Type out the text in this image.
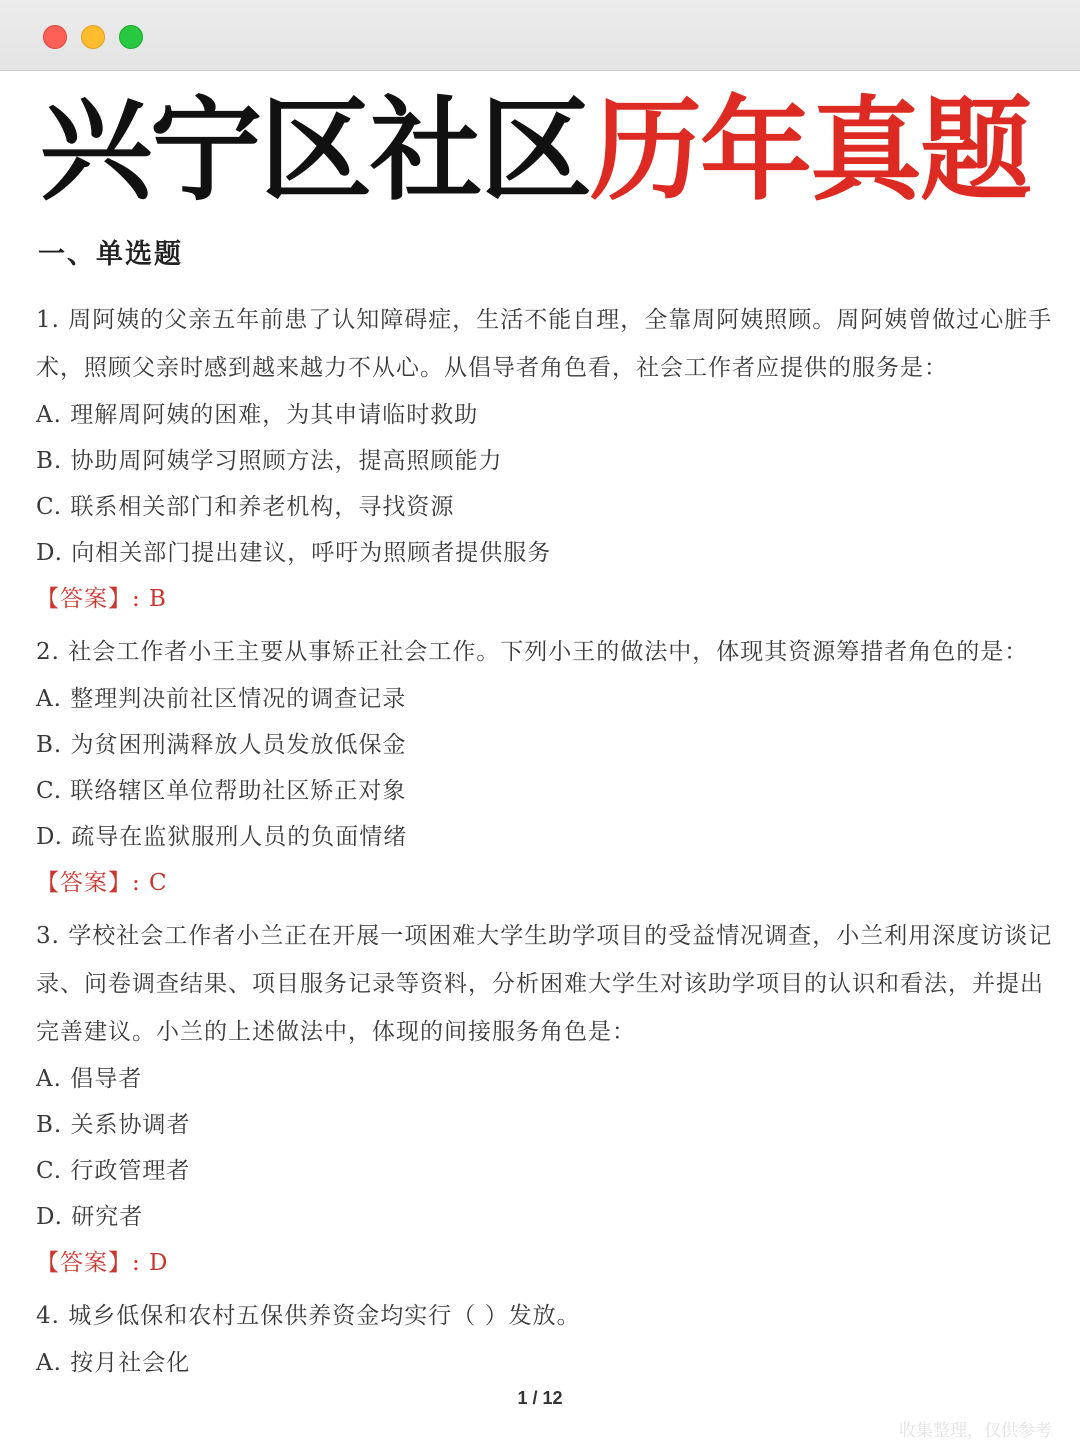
兴宁区社区历年真题
一、单选题
1. 周阿姨的父亲五年前患了认知障碍症，生活不能自理，全靠周阿姨照顾。周阿姨曾做过心脏手术，照顾父亲时感到越来越力不从心。从倡导者角色看，社会工作者应提供的服务是：
A. 理解周阿姨的困难，为其申请临时救助
B. 协助周阿姨学习照顾方法，提高照顾能力
C. 联系相关部门和养老机构，寻找资源
D. 向相关部门提出建议，呼吁为照顾者提供服务
【答案】: B
2. 社会工作者小王主要从事矫正社会工作。下列小王的做法中，体现其资源筹措者角色的是：
A. 整理判决前社区情况的调查记录
B. 为贫困刑满释放人员发放低保金
C. 联络辖区单位帮助社区矫正对象
D. 疏导在监狱服刑人员的负面情绪
【答案】: C
3. 学校社会工作者小兰正在开展一项困难大学生助学项目的受益情况调查，小兰利用深度访谈记录、问卷调查结果、项目服务记录等资料，分析困难大学生对该助学项目的认识和看法，并提出完善建议。小兰的上述做法中，体现的间接服务角色是：
A. 倡导者
B. 关系协调者
C. 行政管理者
D. 研究者
【答案】: D
4. 城乡低保和农村五保供养资金均实行（ ）发放。
A. 按月社会化
1 / 12
收集整理，仅供参考
